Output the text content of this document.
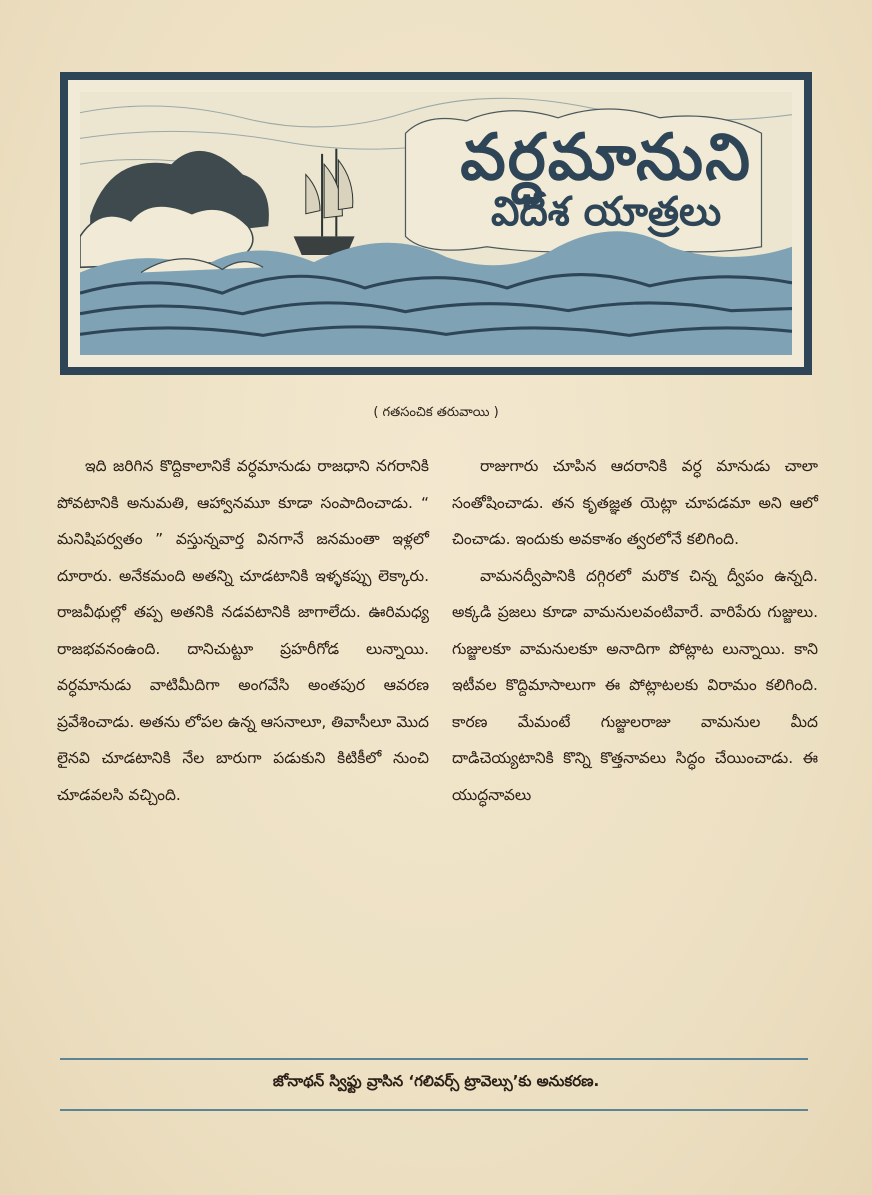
వర్ధమానుని
విదేశ యాత్రలు
( గతసంచిక తరువాయి )

ఇది జరిగిన కొద్దికాలానికే వర్ధమానుడు రాజధాని నగరానికి పోవటానికి అనుమతి, ఆహ్వానమూ కూడా సంపాదించాడు. “ మనిషిపర్వతం ” వస్తున్నవార్త వినగానే జనమంతా ఇళ్లలో దూరారు. అనేకమంది అతన్ని చూడటానికి ఇళ్ళకప్పు లెక్కారు. రాజవీథుల్లో తప్ప అతనికి నడవటానికి జాగాలేదు. ఊరిమధ్య రాజభవనంఉంది. దానిచుట్టూ ప్రహరీగోడ లున్నాయి. వర్ధమానుడు వాటిమీదిగా అంగవేసి అంతపుర ఆవరణ ప్రవేశించాడు. అతను లోపల ఉన్న ఆసనాలూ, తివాసీలూ మొద లైనవి చూడటానికి నేల బారుగా పడుకుని కిటికీలో నుంచి చూడవలసి వచ్చింది.

రాజుగారు చూపిన ఆదరానికి వర్ధ మానుడు చాలా సంతోషించాడు. తన కృతజ్ఞత యెట్లా చూపడమా అని ఆలో చించాడు. ఇందుకు అవకాశం త్వరలోనే కలిగింది.

వామనద్వీపానికి దగ్గిరలో మరొక చిన్న ద్వీపం ఉన్నది. అక్కడి ప్రజలు కూడా వామనులవంటివారే. వారిపేరు గుజ్జులు. గుజ్జులకూ వామనులకూ అనాదిగా పోట్లాట లున్నాయి. కాని ఇటీవల కొద్దిమాసాలుగా ఈ పోట్లాటలకు విరామం కలిగింది. కారణ మేమంటే గుజ్జులరాజు వామనుల మీద దాడిచెయ్యటానికి కొన్ని కొత్తనావలు సిద్ధం చేయించాడు. ఈ యుద్ధనావలు

జోనాథన్ స్విఫ్టు వ్రాసిన ‘గలివర్స్ ట్రావెల్సు’కు అనుకరణ.
